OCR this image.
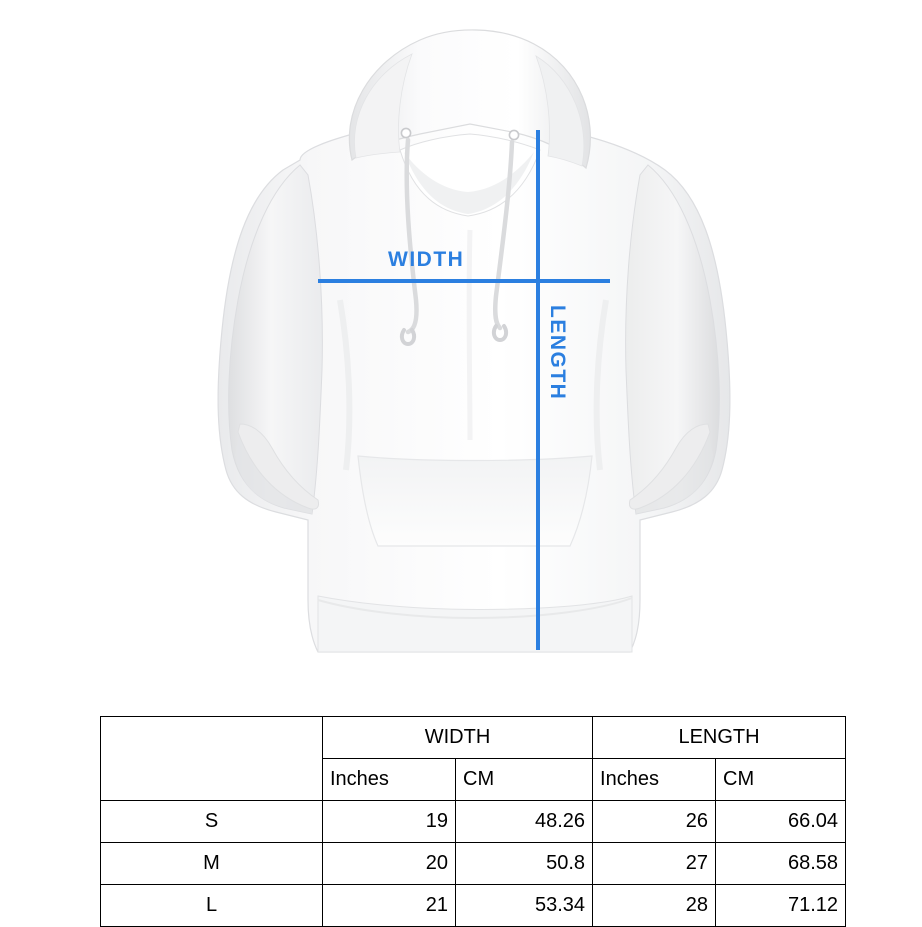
WIDTH
LENGTH
	WIDTH		LENGTH	
	Inches	CM	Inches	CM
S	19	48.26	26	66.04
M	20	50.8	27	68.58
L	21	53.34	28	71.12
